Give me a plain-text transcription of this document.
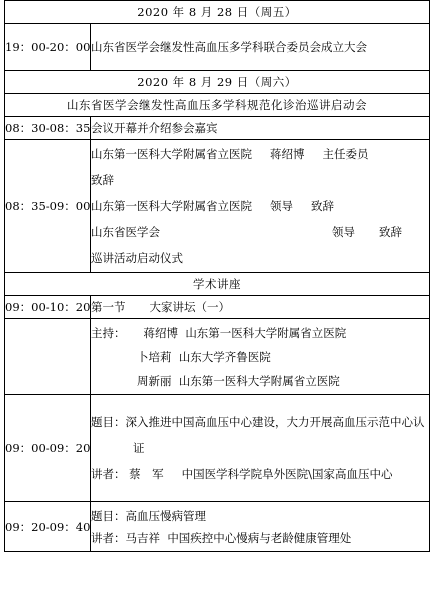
2020 年 8 月 28 日（周五）	
19：00-20：00	山东省医学会继发性高血压多学科联合委员会成立大会
2020 年 8 月 29 日（周六）	
山东省医学会继发性高血压多学科规范化诊治巡讲启动会	
08：30-08：35	会议开幕并介绍参会嘉宾

08：35-09：00	山东第一医科大学附属省立医院 蒋绍博 主任委员
致辞
山东第一医科大学附属省立医院 领导 致辞
山东省医学会 领导 致辞
巡讲活动启动仪式

学术讲座	
09：00-10：20	第一节 大家讲坛（一）

	主持： 蒋绍博 山东第一医科大学附属省立医院
卜培莉 山东大学齐鲁医院
周新丽 山东第一医科大学附属省立医院

09：00-09：20	题目：深入推进中国高血压中心建设，大力开展高血压示范中心认证
讲者： 蔡　军 中国医学科学院阜外医院\国家高血压中心

09：20-09：40	题目：高血压慢病管理
讲者：马吉祥 中国疾控中心慢病与老龄健康管理处
